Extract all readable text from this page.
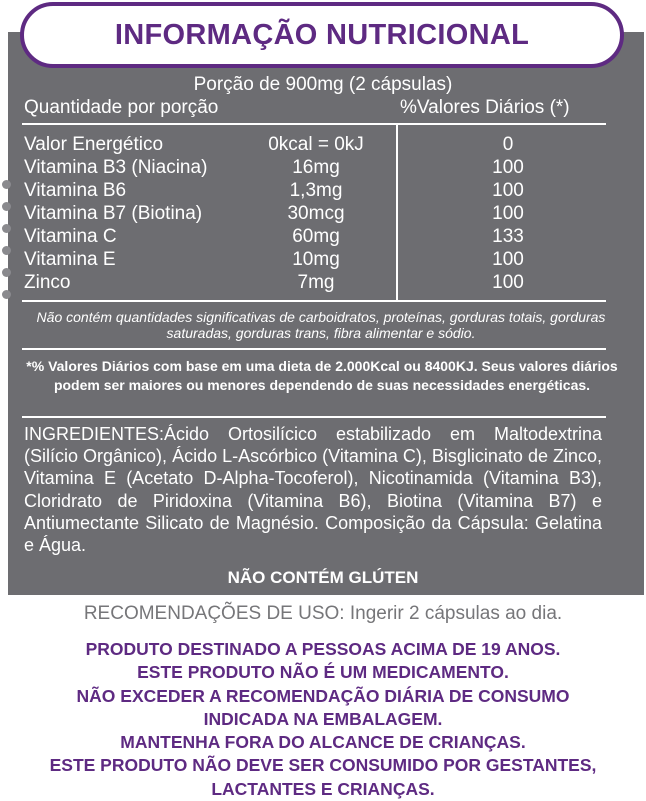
INFORMAÇÃO NUTRICIONAL
Porção de 900mg (2 cápsulas)
Quantidade por porção	%Valores Diários (*)
Valor Energético	0kcal = 0kJ	0
Vitamina B3 (Niacina)	16mg	100
Vitamina B6	1,3mg	100
Vitamina B7 (Biotina)	30mcg	100
Vitamina C	60mg	133
Vitamina E	10mg	100
Zinco	7mg	100
Não contém quantidades significativas de carboidratos, proteínas, gorduras totais, gorduras saturadas, gorduras trans, fibra alimentar e sódio.
*% Valores Diários com base em uma dieta de 2.000Kcal ou 8400KJ. Seus valores diários podem ser maiores ou menores dependendo de suas necessidades energéticas.
INGREDIENTES:Ácido Ortosilícico estabilizado em Maltodextrina (Silício Orgânico), Ácido L-Ascórbico (Vitamina C), Bisglicinato de Zinco, Vitamina E (Acetato D-Alpha-Tocoferol), Nicotinamida (Vitamina B3), Cloridrato de Piridoxina (Vitamina B6), Biotina (Vitamina B7) e Antiumectante Silicato de Magnésio. Composição da Cápsula: Gelatina e Água.
NÃO CONTÉM GLÚTEN
RECOMENDAÇÕES DE USO: Ingerir 2 cápsulas ao dia.
PRODUTO DESTINADO A PESSOAS ACIMA DE 19 ANOS.
ESTE PRODUTO NÃO É UM MEDICAMENTO.
NÃO EXCEDER A RECOMENDAÇÃO DIÁRIA DE CONSUMO
INDICADA NA EMBALAGEM.
MANTENHA FORA DO ALCANCE DE CRIANÇAS.
ESTE PRODUTO NÃO DEVE SER CONSUMIDO POR GESTANTES,
LACTANTES E CRIANÇAS.
